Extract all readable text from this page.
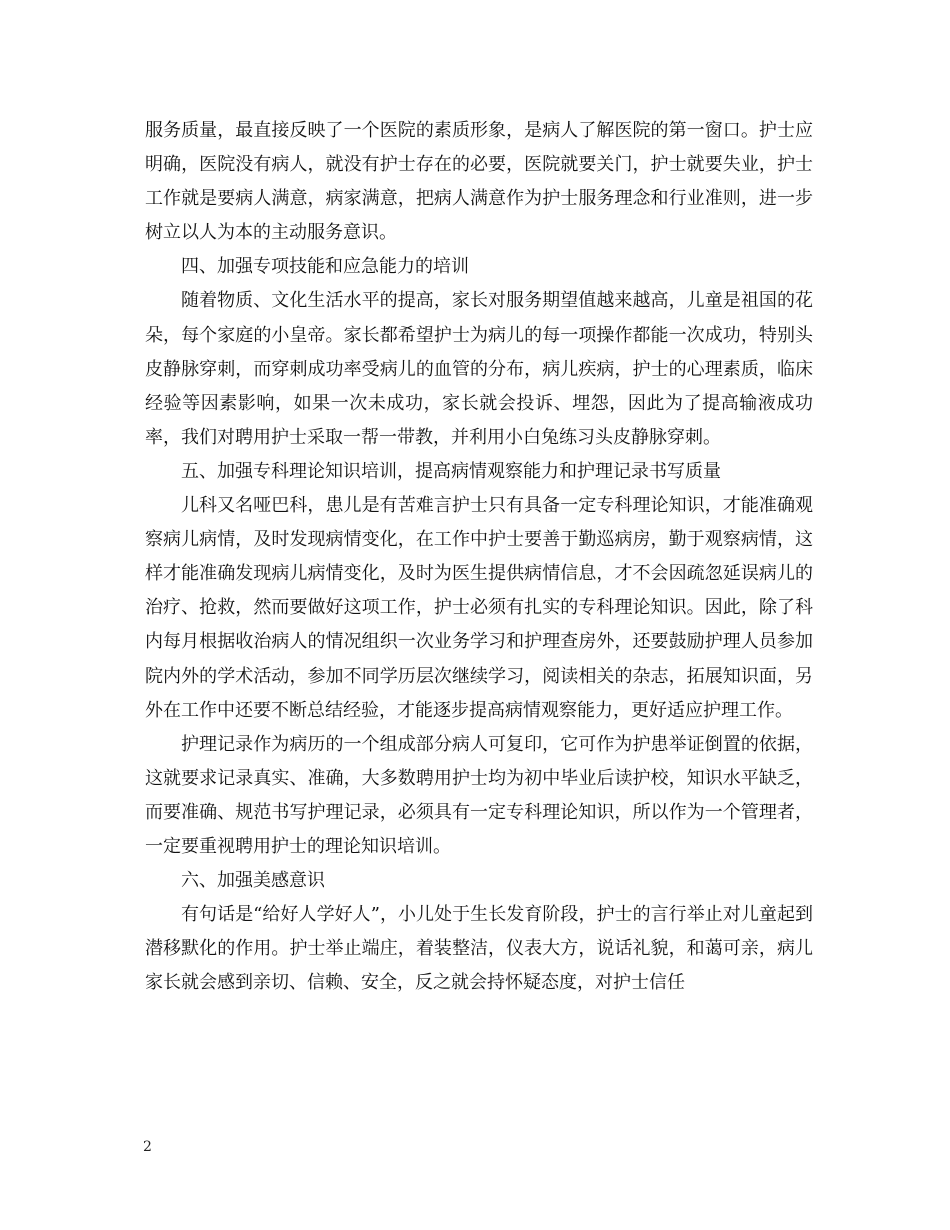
服务质量，最直接反映了一个医院的素质形象，是病人了解医院的第一窗口。护士应明确，医院没有病人，就没有护士存在的必要，医院就要关门，护士就要失业，护士工作就是要病人满意，病家满意，把病人满意作为护士服务理念和行业准则，进一步树立以人为本的主动服务意识。

四、加强专项技能和应急能力的培训

随着物质、文化生活水平的提高，家长对服务期望值越来越高，儿童是祖国的花朵，每个家庭的小皇帝。家长都希望护士为病儿的每一项操作都能一次成功，特别头皮静脉穿刺，而穿刺成功率受病儿的血管的分布，病儿疾病，护士的心理素质，临床经验等因素影响，如果一次未成功，家长就会投诉、埋怨，因此为了提高输液成功率，我们对聘用护士采取一帮一带教，并利用小白兔练习头皮静脉穿刺。

五、加强专科理论知识培训，提高病情观察能力和护理记录书写质量

儿科又名哑巴科，患儿是有苦难言护士只有具备一定专科理论知识，才能准确观察病儿病情，及时发现病情变化，在工作中护士要善于勤巡病房，勤于观察病情，这样才能准确发现病儿病情变化，及时为医生提供病情信息，才不会因疏忽延误病儿的治疗、抢救，然而要做好这项工作，护士必须有扎实的专科理论知识。因此，除了科内每月根据收治病人的情况组织一次业务学习和护理查房外，还要鼓励护理人员参加院内外的学术活动，参加不同学历层次继续学习，阅读相关的杂志，拓展知识面，另外在工作中还要不断总结经验，才能逐步提高病情观察能力，更好适应护理工作。

护理记录作为病历的一个组成部分病人可复印，它可作为护患举证倒置的依据，这就要求记录真实、准确，大多数聘用护士均为初中毕业后读护校，知识水平缺乏，而要准确、规范书写护理记录，必须具有一定专科理论知识，所以作为一个管理者，一定要重视聘用护士的理论知识培训。

六、加强美感意识

有句话是“给好人学好人”，小儿处于生长发育阶段，护士的言行举止对儿童起到潜移默化的作用。护士举止端庄，着装整洁，仪表大方，说话礼貌，和蔼可亲，病儿家长就会感到亲切、信赖、安全，反之就会持怀疑态度，对护士信任

2
